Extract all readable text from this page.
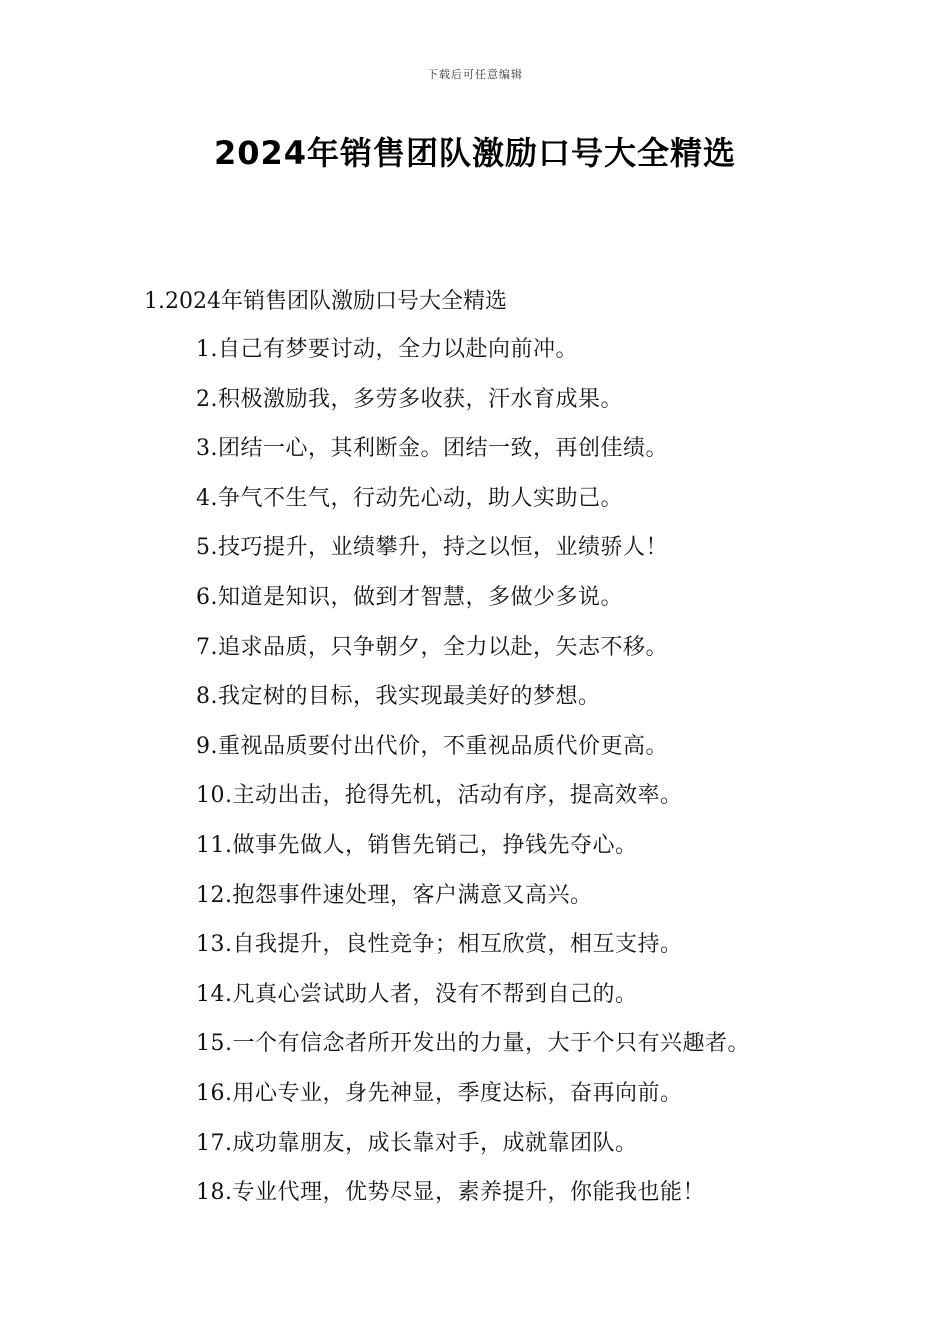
下载后可任意编辑
2024年销售团队激励口号大全精选
1.2024年销售团队激励口号大全精选
1.自己有梦要讨动，全力以赴向前冲。
2.积极激励我，多劳多收获，汗水育成果。
3.团结一心，其利断金。团结一致，再创佳绩。
4.争气不生气，行动先心动，助人实助己。
5.技巧提升，业绩攀升，持之以恒，业绩骄人！
6.知道是知识，做到才智慧，多做少多说。
7.追求品质，只争朝夕，全力以赴，矢志不移。
8.我定树的目标，我实现最美好的梦想。
9.重视品质要付出代价，不重视品质代价更高。
10.主动出击，抢得先机，活动有序，提高效率。
11.做事先做人，销售先销己，挣钱先夺心。
12.抱怨事件速处理，客户满意又高兴。
13.自我提升，良性竞争；相互欣赏，相互支持。
14.凡真心尝试助人者，没有不帮到自己的。
15.一个有信念者所开发出的力量，大于个只有兴趣者。
16.用心专业，身先神显，季度达标，奋再向前。
17.成功靠朋友，成长靠对手，成就靠团队。
18.专业代理，优势尽显，素养提升，你能我也能！
